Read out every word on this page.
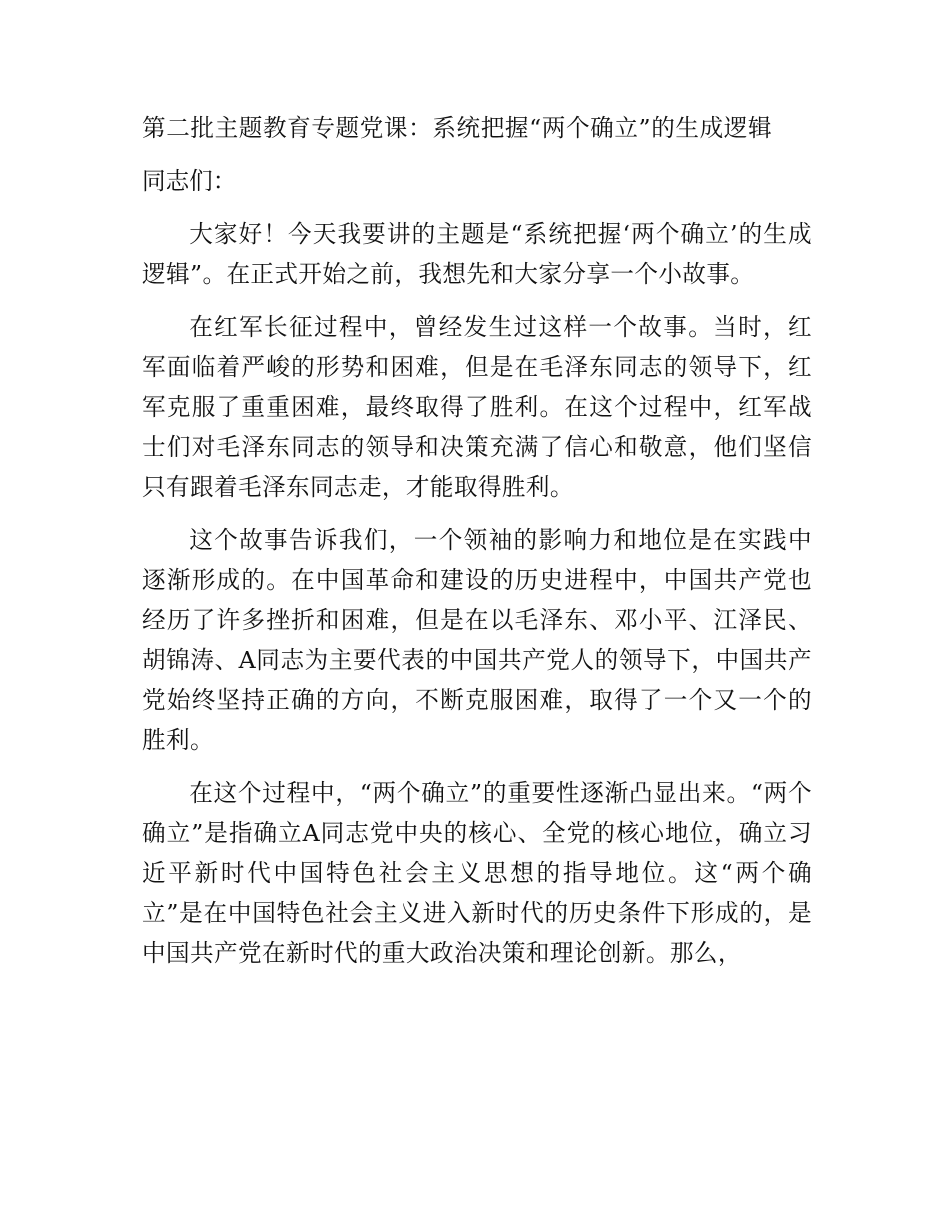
第二批主题教育专题党课：系统把握“两个确立”的生成逻辑

同志们：

大家好！今天我要讲的主题是“系统把握‘两个确立’的生成逻辑”。在正式开始之前，我想先和大家分享一个小故事。

在红军长征过程中，曾经发生过这样一个故事。当时，红军面临着严峻的形势和困难，但是在毛泽东同志的领导下，红军克服了重重困难，最终取得了胜利。在这个过程中，红军战士们对毛泽东同志的领导和决策充满了信心和敬意，他们坚信只有跟着毛泽东同志走，才能取得胜利。

这个故事告诉我们，一个领袖的影响力和地位是在实践中逐渐形成的。在中国革命和建设的历史进程中，中国共产党也经历了许多挫折和困难，但是在以毛泽东、邓小平、江泽民、胡锦涛、A同志为主要代表的中国共产党人的领导下，中国共产党始终坚持正确的方向，不断克服困难，取得了一个又一个的胜利。

在这个过程中，“两个确立”的重要性逐渐凸显出来。“两个确立”是指确立A同志党中央的核心、全党的核心地位，确立习近平新时代中国特色社会主义思想的指导地位。这“两个确立”是在中国特色社会主义进入新时代的历史条件下形成的，是中国共产党在新时代的重大政治决策和理论创新。那么，
